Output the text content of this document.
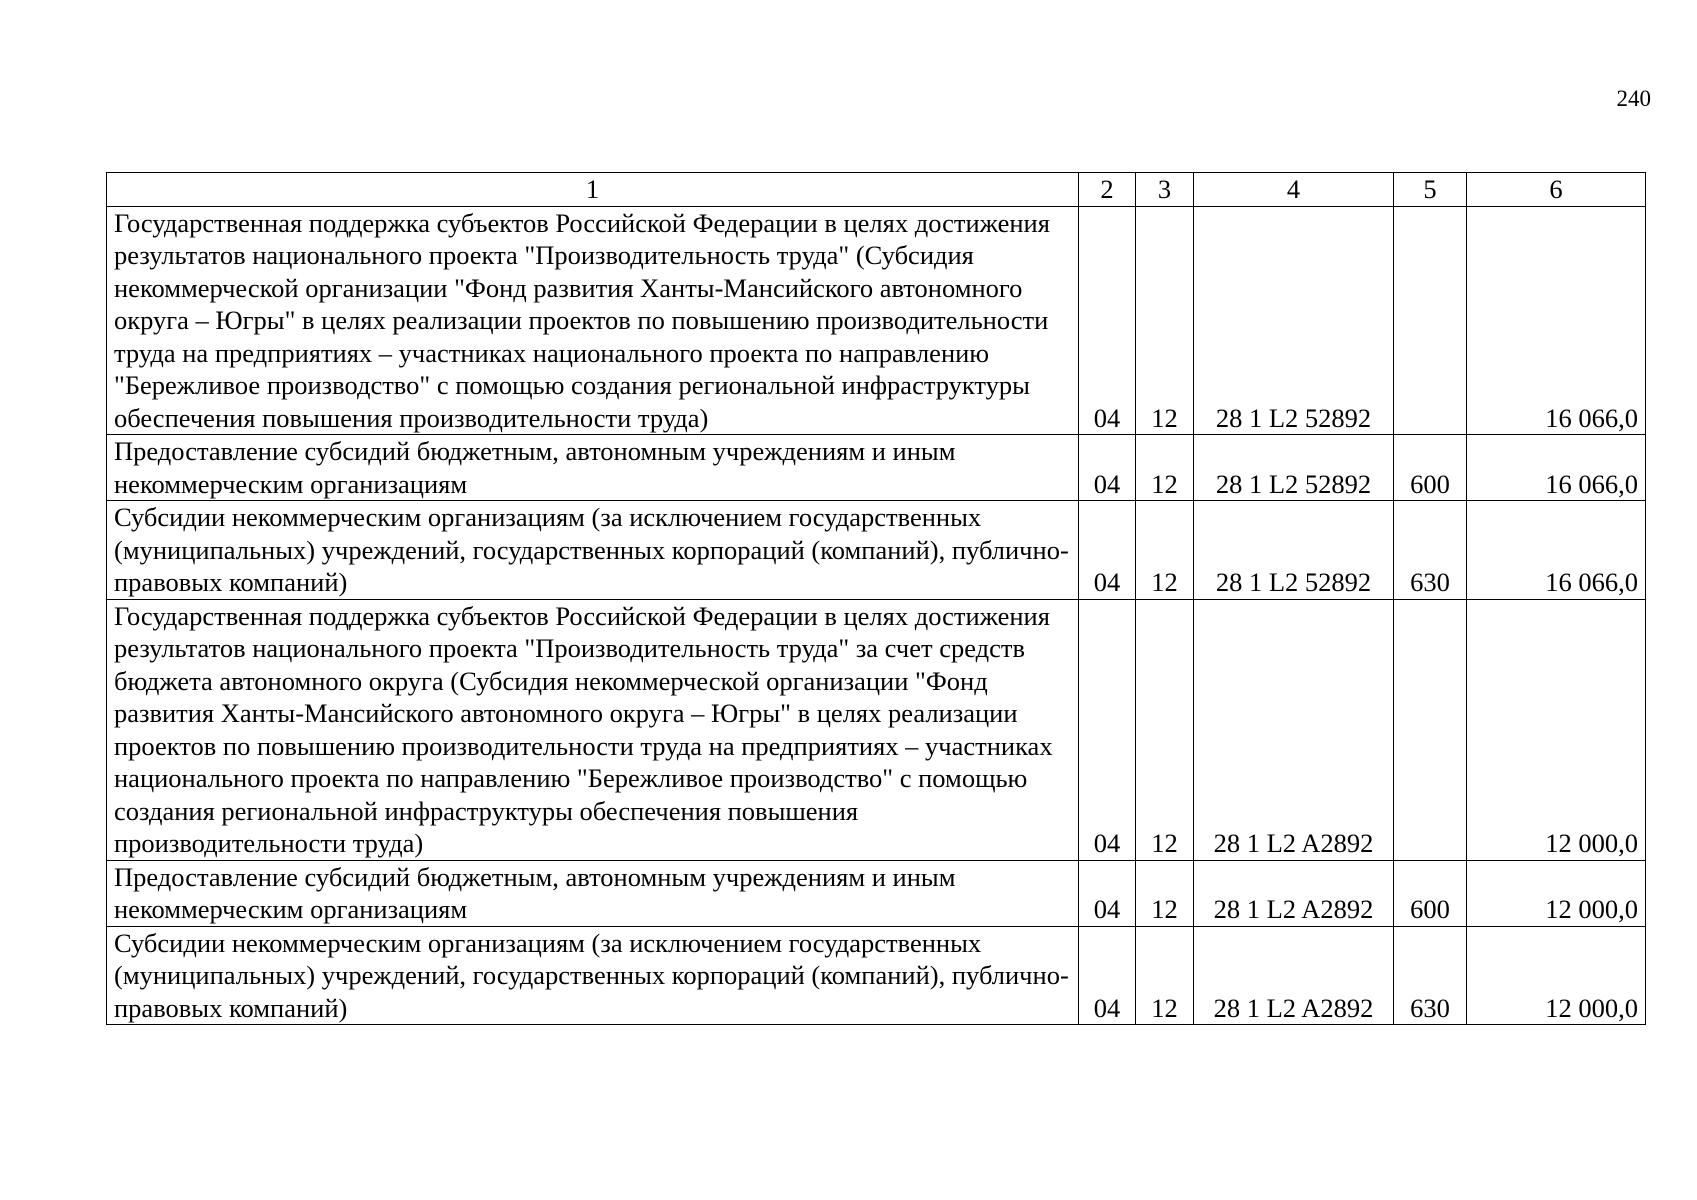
240
1	2	3	4	5	6
Государственная поддержка субъектов Российской Федерации в целях достижения результатов национального проекта "Производительность труда" (Субсидия некоммерческой организации "Фонд развития Ханты-Мансийского автономного округа – Югры" в целях реализации проектов по повышению производительности труда на предприятиях – участниках национального проекта по направлению "Бережливое производство" с помощью создания региональной инфраструктуры обеспечения повышения производительности труда)	04	12	28 1 L2 52892		16 066,0
Предоставление субсидий бюджетным, автономным учреждениям и иным некоммерческим организациям	04	12	28 1 L2 52892	600	16 066,0
Субсидии некоммерческим организациям (за исключением государственных (муниципальных) учреждений, государственных корпораций (компаний), публично-правовых компаний)	04	12	28 1 L2 52892	630	16 066,0
Государственная поддержка субъектов Российской Федерации в целях достижения результатов национального проекта "Производительность труда" за счет средств бюджета автономного округа (Субсидия некоммерческой организации "Фонд развития Ханты-Мансийского автономного округа – Югры" в целях реализации проектов по повышению производительности труда на предприятиях – участниках национального проекта по направлению "Бережливое производство" с помощью создания региональной инфраструктуры обеспечения повышения производительности труда)	04	12	28 1 L2 A2892		12 000,0
Предоставление субсидий бюджетным, автономным учреждениям и иным некоммерческим организациям	04	12	28 1 L2 A2892	600	12 000,0
Субсидии некоммерческим организациям (за исключением государственных (муниципальных) учреждений, государственных корпораций (компаний), публично-правовых компаний)	04	12	28 1 L2 A2892	630	12 000,0
